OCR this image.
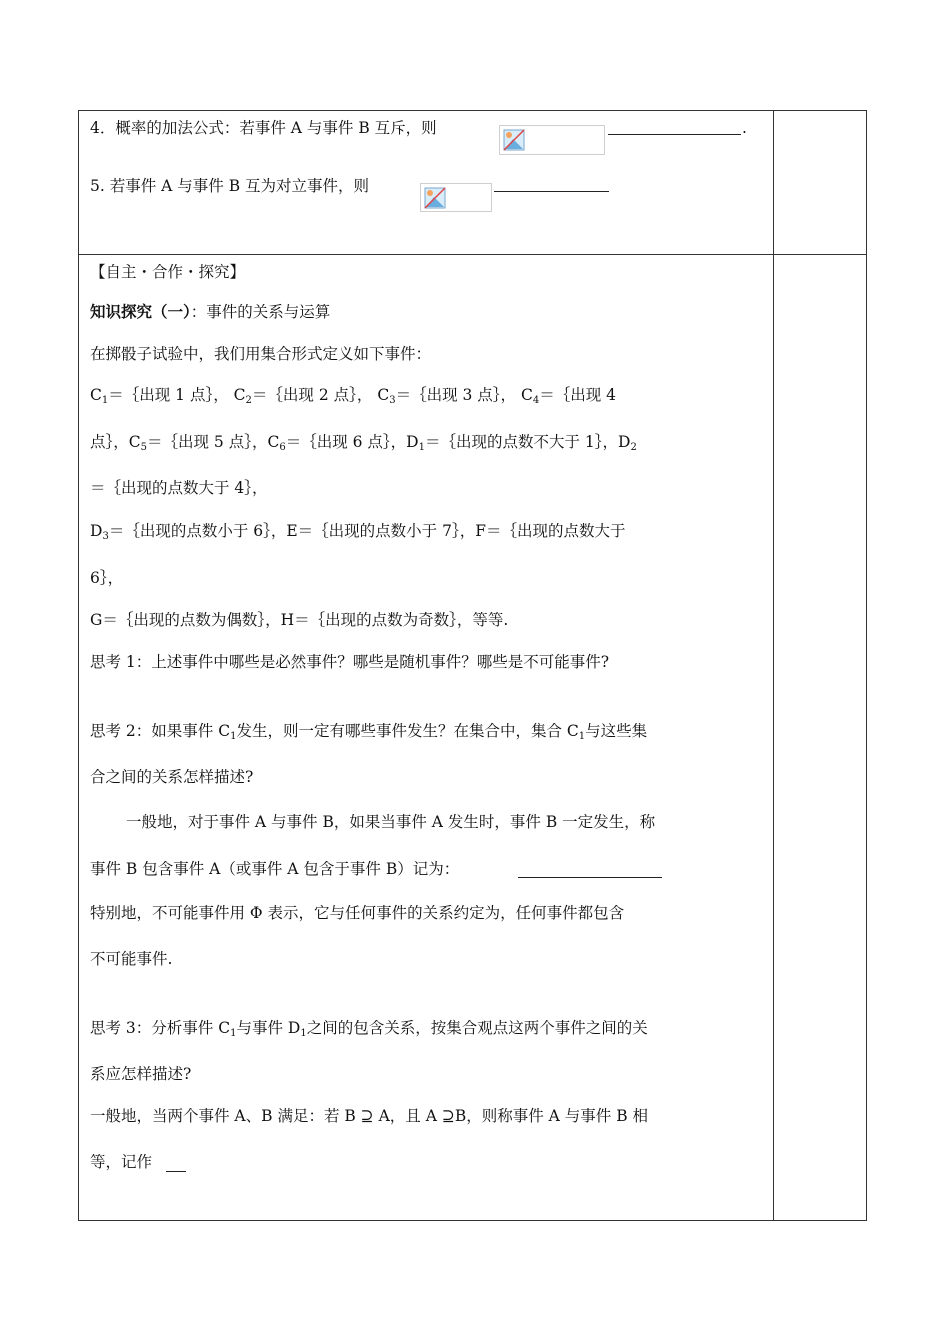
4．概率的加法公式：若事件 A 与事件 B 互斥，则	.
5. 若事件 A 与事件 B 互为对立事件，则
【自主・合作・探究】
知识探究（一）：事件的关系与运算
在掷骰子试验中，我们用集合形式定义如下事件：
$C_1=\{$出现 1 点｝， $C_2=\{$出现 2 点｝， $C_3=\{$出现 3 点｝， $C_4=\{$出现 4
点｝，$C_5=\{$出现 5 点｝，$C_6=\{$出现 6 点｝，$D_1=\{$出现的点数不大于 1｝，$D_2$
＝｛出现的点数大于 4｝，
$D_3=\{$出现的点数小于 6｝，E＝｛出现的点数小于 7｝，F＝｛出现的点数大于
6｝，
G＝｛出现的点数为偶数｝，H＝｛出现的点数为奇数｝，等等.
思考 1：上述事件中哪些是必然事件？哪些是随机事件？哪些是不可能事件?
思考 2：如果事件 $C_1$发生，则一定有哪些事件发生？在集合中，集合 $C_1$与这些集
合之间的关系怎样描述?
一般地，对于事件 A 与事件 B，如果当事件 A 发生时，事件 B 一定发生，称
事件 B 包含事件 A（或事件 A 包含于事件 B）记为：
特别地，不可能事件用 Φ 表示，它与任何事件的关系约定为，任何事件都包含
不可能事件.
思考 3：分析事件 $C_1$与事件 $D_1$之间的包含关系，按集合观点这两个事件之间的关
系应怎样描述?
一般地，当两个事件 A、B 满足：若 B ⊇ A，且 A ⊇B，则称事件 A 与事件 B 相
等，记作
